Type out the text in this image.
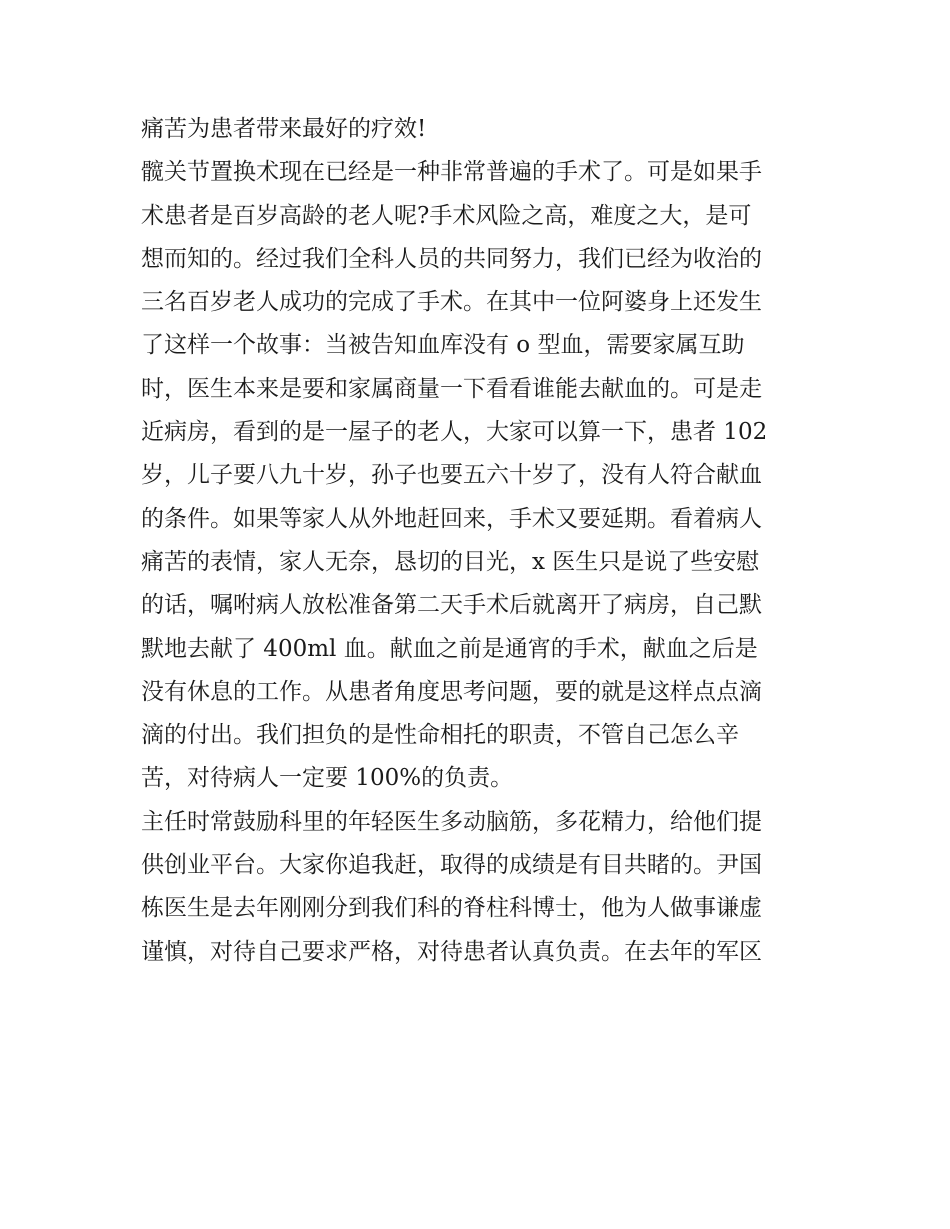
痛苦为患者带来最好的疗效!
髋关节置换术现在已经是一种非常普遍的手术了。可是如果手
术患者是百岁高龄的老人呢?手术风险之高，难度之大，是可
想而知的。经过我们全科人员的共同努力，我们已经为收治的
三名百岁老人成功的完成了手术。在其中一位阿婆身上还发生
了这样一个故事：当被告知血库没有 o 型血，需要家属互助
时，医生本来是要和家属商量一下看看谁能去献血的。可是走
近病房，看到的是一屋子的老人，大家可以算一下，患者 102
岁，儿子要八九十岁，孙子也要五六十岁了，没有人符合献血
的条件。如果等家人从外地赶回来，手术又要延期。看着病人
痛苦的表情，家人无奈，恳切的目光，x 医生只是说了些安慰
的话，嘱咐病人放松准备第二天手术后就离开了病房，自己默
默地去献了 400ml 血。献血之前是通宵的手术，献血之后是
没有休息的工作。从患者角度思考问题，要的就是这样点点滴
滴的付出。我们担负的是性命相托的职责，不管自己怎么辛
苦，对待病人一定要 100%的负责。
主任时常鼓励科里的年轻医生多动脑筋，多花精力，给他们提
供创业平台。大家你追我赶，取得的成绩是有目共睹的。尹国
栋医生是去年刚刚分到我们科的脊柱科博士，他为人做事谦虚
谨慎，对待自己要求严格，对待患者认真负责。在去年的军区
